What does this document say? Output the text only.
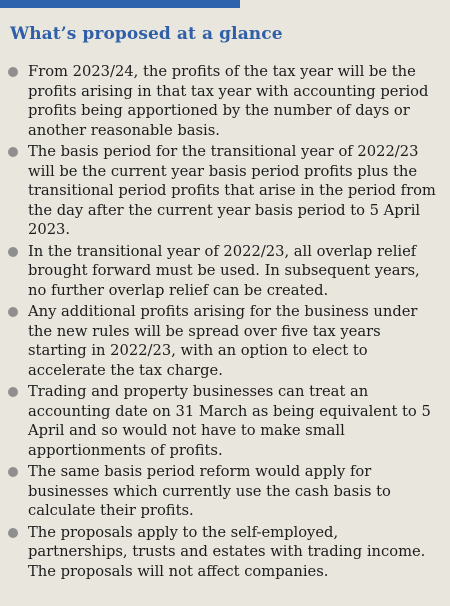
What’s proposed at a glance
From 2023/24, the profits of the tax year will be the profits arising in that tax year with accounting period profits being apportioned by the number of days or another reasonable basis.
The basis period for the transitional year of 2022/23 will be the current year basis period profits plus the transitional period profits that arise in the period from the day after the current year basis period to 5 April 2023.
In the transitional year of 2022/23, all overlap relief brought forward must be used. In subsequent years, no further overlap relief can be created.
Any additional profits arising for the business under the new rules will be spread over five tax years starting in 2022/23, with an option to elect to accelerate the tax charge.
Trading and property businesses can treat an accounting date on 31 March as being equivalent to 5 April and so would not have to make small apportionments of profits.
The same basis period reform would apply for businesses which currently use the cash basis to calculate their profits.
The proposals apply to the self-employed, partnerships, trusts and estates with trading income. The proposals will not affect companies.
